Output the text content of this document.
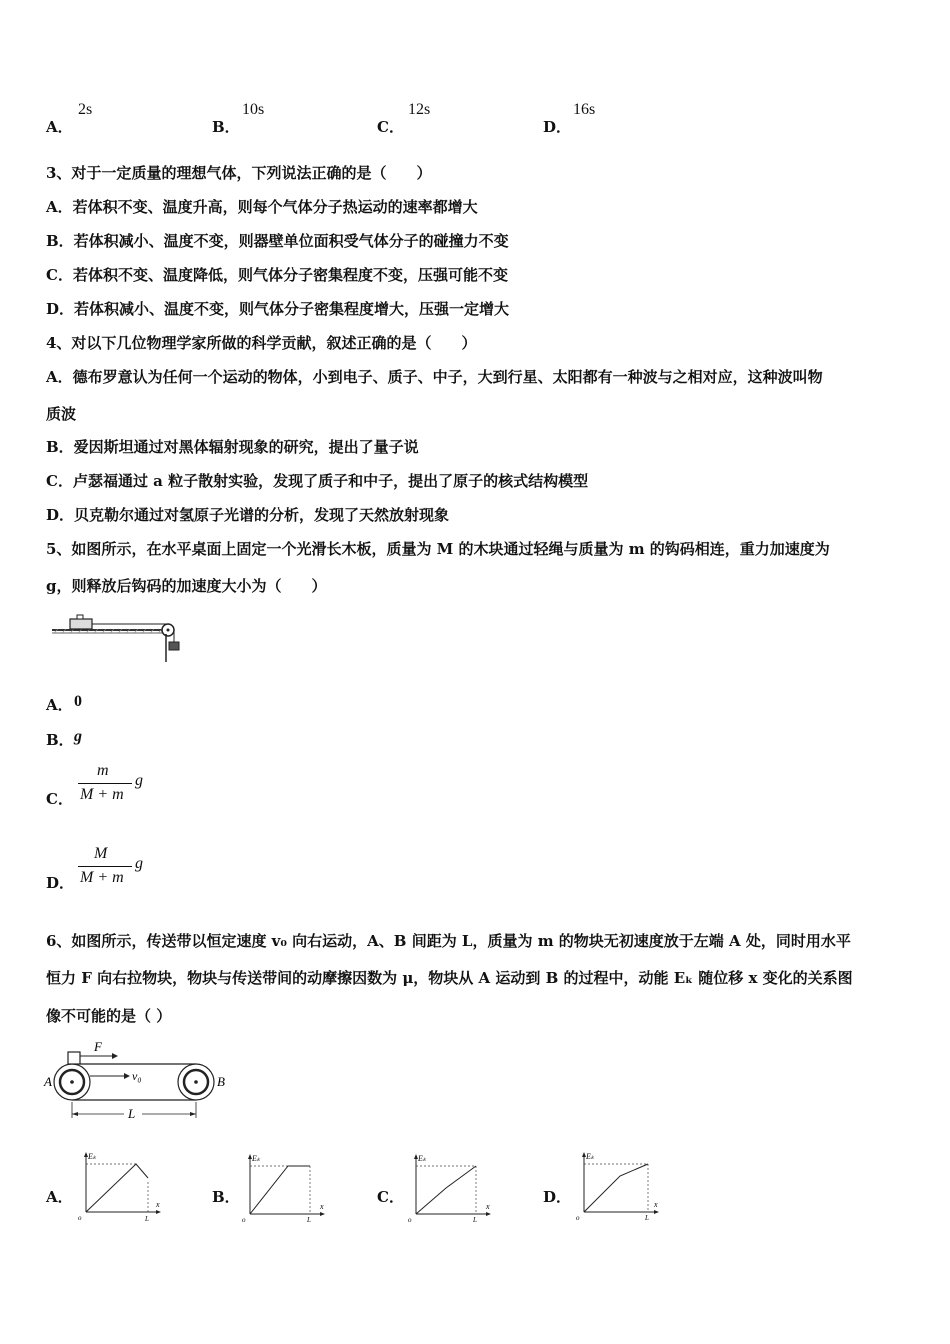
A．
2s
B．
10s
C．
12s
D．
16s
3、对于一定质量的理想气体，下列说法正确的是（　　）
A．若体积不变、温度升高，则每个气体分子热运动的速率都增大
B．若体积减小、温度不变，则器壁单位面积受气体分子的碰撞力不变
C．若体积不变、温度降低，则气体分子密集程度不变，压强可能不变
D．若体积减小、温度不变，则气体分子密集程度增大，压强一定增大
4、对以下几位物理学家所做的科学贡献，叙述正确的是（　　）
A．德布罗意认为任何一个运动的物体，小到电子、质子、中子，大到行星、太阳都有一种波与之相对应，这种波叫物
质波
B．爱因斯坦通过对黑体辐射现象的研究，提出了量子说
C．卢瑟福通过 a 粒子散射实验，发现了质子和中子，提出了原子的核式结构模型
D．贝克勒尔通过对氢原子光谱的分析，发现了天然放射现象
5、如图所示，在水平桌面上固定一个光滑长木板，质量为 M 的木块通过轻绳与质量为 m 的钩码相连，重力加速度为
g，则释放后钩码的加速度大小为（　　）
A． 0
B． g
C．
m
M + m
g
D．
M
M + m
g
6、如图所示，传送带以恒定速度 v₀ 向右运动，A、B 间距为 L，质量为 m 的物块无初速度放于左端 A 处，同时用水平
恒力 F 向右拉物块，物块与传送带间的动摩擦因数为 μ，物块从 A 运动到 B 的过程中，动能 Eₖ 随位移 x 变化的关系图
像不可能的是（ ）
F
v₀
A	B
L
A．
Eₖ
x
o	L
B．
Eₖ
x
o	L
C．
Eₖ
x
o	L
D．
Eₖ
x
o	L
